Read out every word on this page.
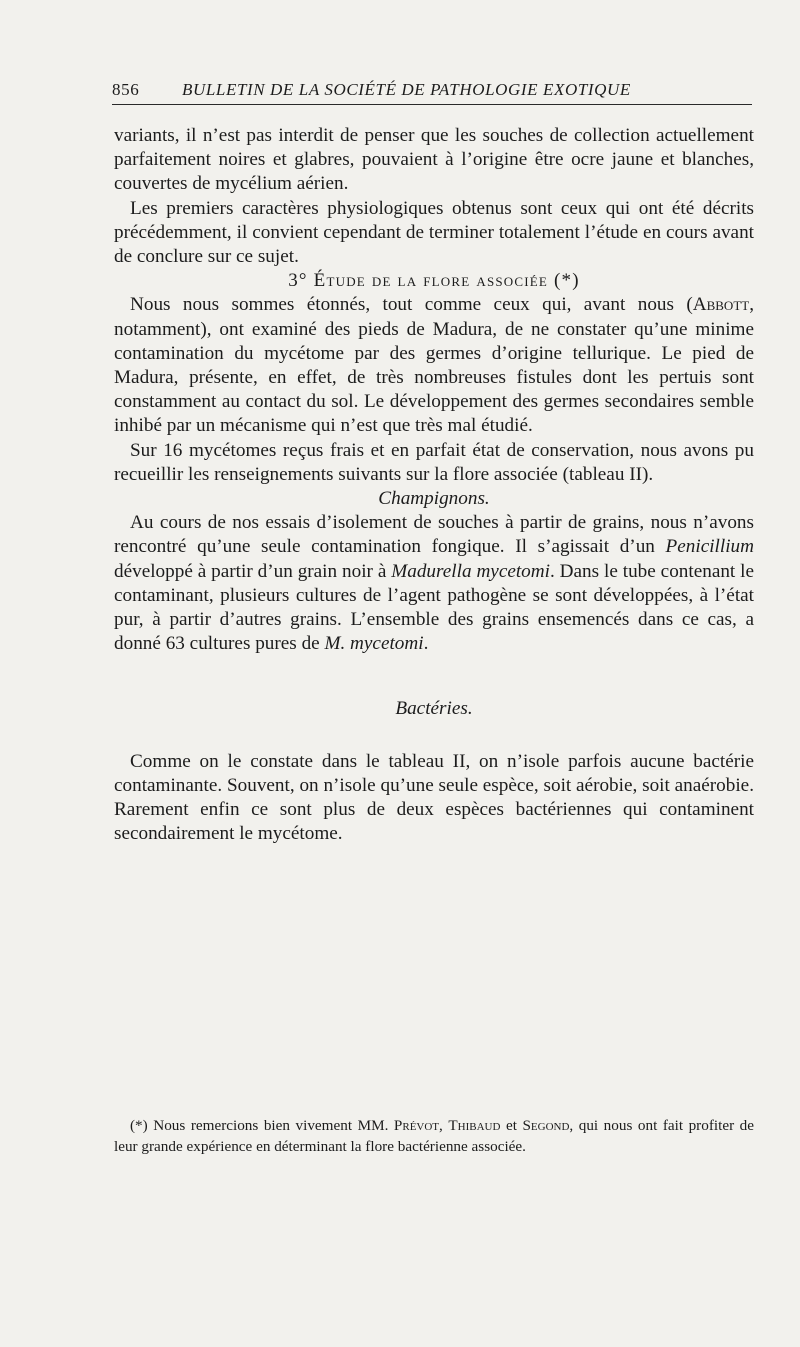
856	BULLETIN DE LA SOCIÉTÉ DE PATHOLOGIE EXOTIQUE

variants, il n’est pas interdit de penser que les souches de collection actuellement parfaitement noires et glabres, pouvaient à l’origine être ocre jaune et blanches, couvertes de mycélium aérien.

Les premiers caractères physiologiques obtenus sont ceux qui ont été décrits précédemment, il convient cependant de terminer totalement l’étude en cours avant de conclure sur ce sujet.

3° Étude de la flore associée (*)

Nous nous sommes étonnés, tout comme ceux qui, avant nous (Abbott, notamment), ont examiné des pieds de Madura, de ne constater qu’une minime contamination du mycétome par des germes d’origine tellurique. Le pied de Madura, présente, en effet, de très nombreuses fistules dont les pertuis sont constamment au contact du sol. Le développement des germes secondaires semble inhibé par un mécanisme qui n’est que très mal étudié.

Sur 16 mycétomes reçus frais et en parfait état de conservation, nous avons pu recueillir les renseignements suivants sur la flore associée (tableau II).

Champignons.

Au cours de nos essais d’isolement de souches à partir de grains, nous n’avons rencontré qu’une seule contamination fongique. Il s’agissait d’un Penicillium développé à partir d’un grain noir à Madurella mycetomi. Dans le tube contenant le contaminant, plusieurs cultures de l’agent pathogène se sont développées, à l’état pur, à partir d’autres grains. L’ensemble des grains ensemencés dans ce cas, a donné 63 cultures pures de M. mycetomi.

Bactéries.

Comme on le constate dans le tableau II, on n’isole parfois aucune bactérie contaminante. Souvent, on n’isole qu’une seule espèce, soit aérobie, soit anaérobie. Rarement enfin ce sont plus de deux espèces bactériennes qui contaminent secondairement le mycétome.

(*) Nous remercions bien vivement MM. Prévot, Thibaud et Segond, qui nous ont fait profiter de leur grande expérience en déterminant la flore bactérienne associée.
